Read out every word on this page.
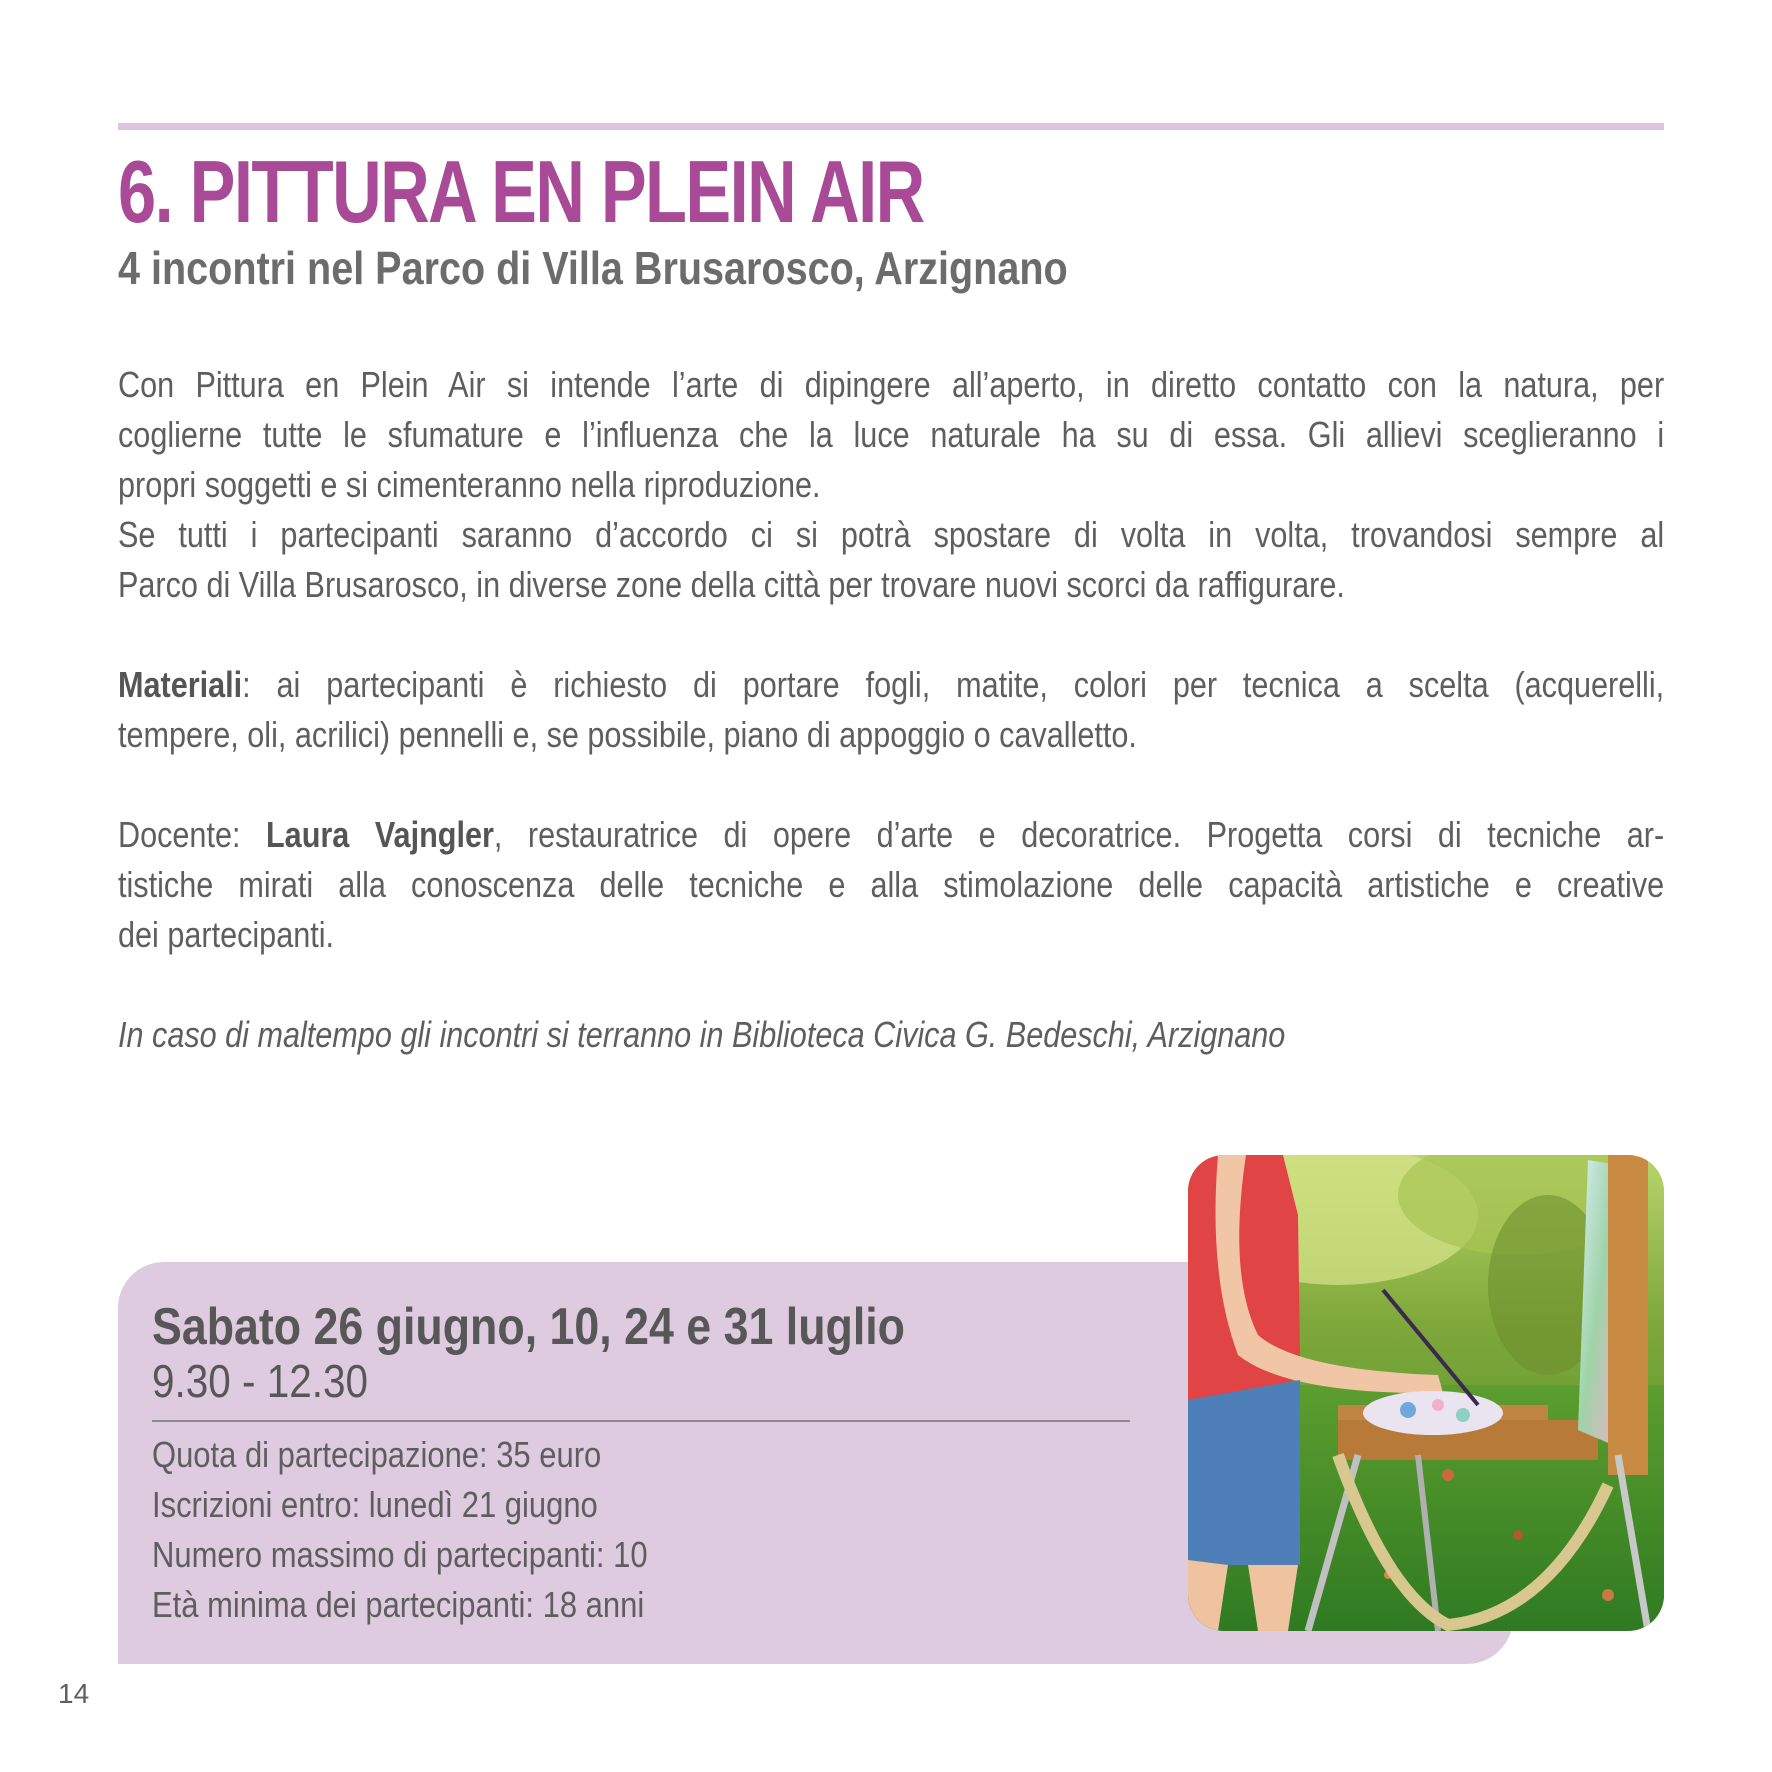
6. PITTURA EN PLEIN AIR
4 incontri nel Parco di Villa Brusarosco, Arzignano
Con Pittura en Plein Air si intende l’arte di dipingere all’aperto, in diretto contatto con la natura, per
coglierne tutte le sfumature e l’influenza che la luce naturale ha su di essa. Gli allievi sceglieranno i
propri soggetti e si cimenteranno nella riproduzione.
Se tutti i partecipanti saranno d’accordo ci si potrà spostare di volta in volta, trovandosi sempre al
Parco di Villa Brusarosco, in diverse zone della città per trovare nuovi scorci da raffigurare.
Materiali: ai partecipanti è richiesto di portare fogli, matite, colori per tecnica a scelta (acquerelli,
tempere, oli, acrilici) pennelli e, se possibile, piano di appoggio o cavalletto.
Docente: Laura Vajngler, restauratrice di opere d’arte e decoratrice. Progetta corsi di tecniche ar-
tistiche mirati alla conoscenza delle tecniche e alla stimolazione delle capacità artistiche e creative
dei partecipanti.
In caso di maltempo gli incontri si terranno in Biblioteca Civica G. Bedeschi, Arzignano

Sabato 26 giugno, 10, 24 e 31 luglio

9.30 - 12.30

Quota di partecipazione: 35 euro
Iscrizioni entro: lunedì 21 giugno
Numero massimo di partecipanti: 10
Età minima dei partecipanti: 18 anni

14
